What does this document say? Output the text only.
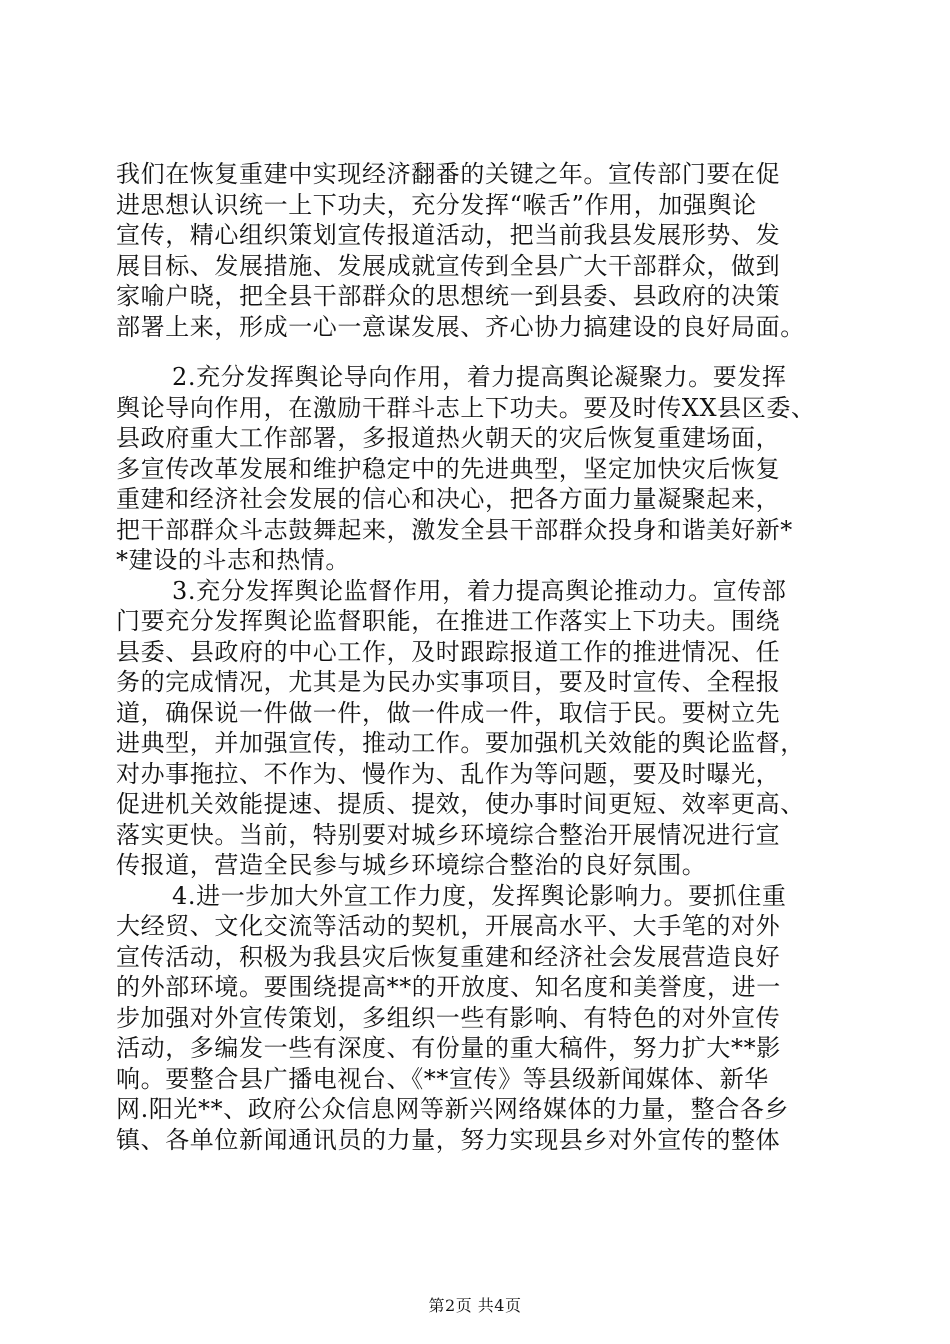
我们在恢复重建中实现经济翻番的关键之年。宣传部门要在促
进思想认识统一上下功夫，充分发挥“喉舌”作用，加强舆论
宣传，精心组织策划宣传报道活动，把当前我县发展形势、发
展目标、发展措施、发展成就宣传到全县广大干部群众，做到
家喻户晓，把全县干部群众的思想统一到县委、县政府的决策
部署上来，形成一心一意谋发展、齐心协力搞建设的良好局面。
2.充分发挥舆论导向作用，着力提高舆论凝聚力。要发挥
舆论导向作用，在激励干群斗志上下功夫。要及时传XX县区委、
县政府重大工作部署，多报道热火朝天的灾后恢复重建场面，
多宣传改革发展和维护稳定中的先进典型，坚定加快灾后恢复
重建和经济社会发展的信心和决心，把各方面力量凝聚起来，
把干部群众斗志鼓舞起来，激发全县干部群众投身和谐美好新*
*建设的斗志和热情。
3.充分发挥舆论监督作用，着力提高舆论推动力。宣传部
门要充分发挥舆论监督职能，在推进工作落实上下功夫。围绕
县委、县政府的中心工作，及时跟踪报道工作的推进情况、任
务的完成情况，尤其是为民办实事项目，要及时宣传、全程报
道，确保说一件做一件，做一件成一件，取信于民。要树立先
进典型，并加强宣传，推动工作。要加强机关效能的舆论监督，
对办事拖拉、不作为、慢作为、乱作为等问题，要及时曝光，
促进机关效能提速、提质、提效，使办事时间更短、效率更高、
落实更快。当前，特别要对城乡环境综合整治开展情况进行宣
传报道，营造全民参与城乡环境综合整治的良好氛围。
4.进一步加大外宣工作力度，发挥舆论影响力。要抓住重
大经贸、文化交流等活动的契机，开展高水平、大手笔的对外
宣传活动，积极为我县灾后恢复重建和经济社会发展营造良好
的外部环境。要围绕提高**的开放度、知名度和美誉度，进一
步加强对外宣传策划，多组织一些有影响、有特色的对外宣传
活动，多编发一些有深度、有份量的重大稿件，努力扩大**影
响。要整合县广播电视台、《**宣传》等县级新闻媒体、新华
网.阳光**、政府公众信息网等新兴网络媒体的力量，整合各乡
镇、各单位新闻通讯员的力量，努力实现县乡对外宣传的整体
第2页 共4页
